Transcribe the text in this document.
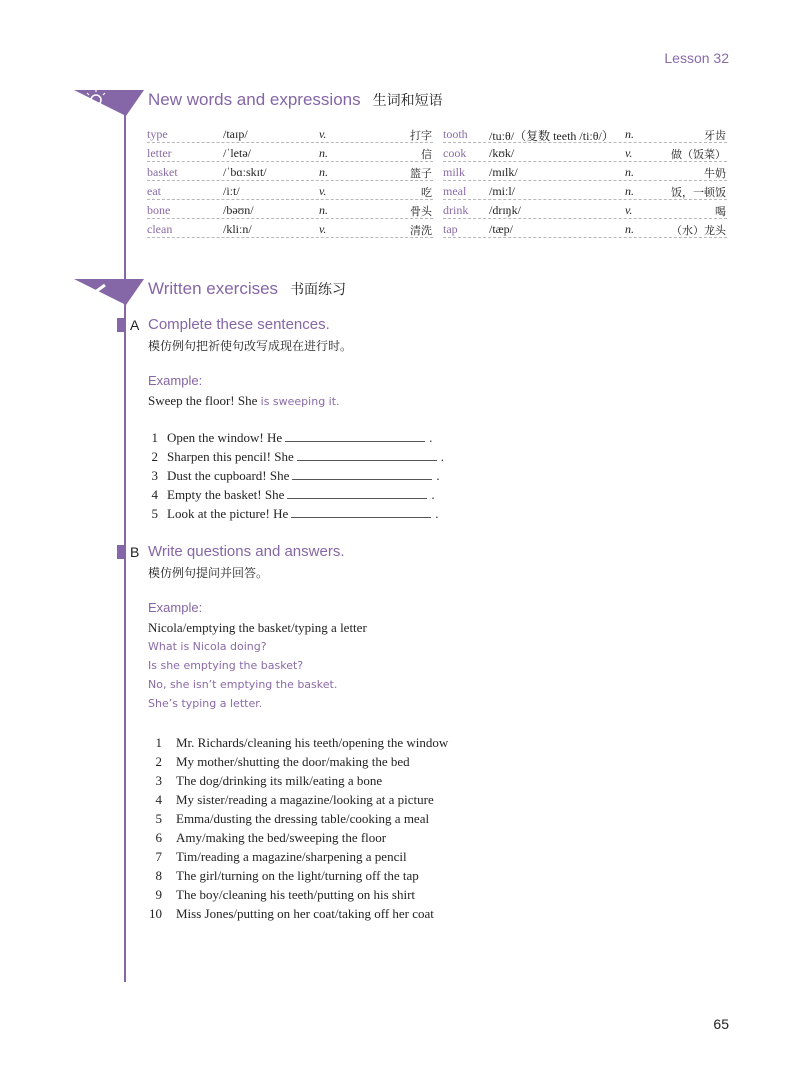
Lesson 32
New words and expressions 生词和短语
type	/taɪp/	v.	打字
letter	/ˈletə/	n.	信
basket	/ˈbɑːskɪt/	n.	篮子
eat	/iːt/	v.	吃
bone	/bəʊn/	n.	骨头
clean	/kliːn/	v.	清洗
tooth /tuːθ/（复数 teeth /tiːθ/） n.	牙齿
cook /kʊk/	v.	做（饭菜）
milk /mɪlk/	n.	牛奶
meal /miːl/	n.	饭，一顿饭
drink /drɪŋk/	v.	喝
tap	/tæp/	n.	（水）龙头
Written exercises 书面练习
A Complete these sentences.
模仿例句把祈使句改写成现在进行时。
Example:
Sweep the floor! She is sweeping it.
1 Open the window! He	.
2 Sharpen this pencil! She	.
3 Dust the cupboard! She	.
4 Empty the basket! She	.
5 Look at the picture! He	.
B Write questions and answers.
模仿例句提问并回答。
Example:
Nicola/emptying the basket/typing a letter
What is Nicola doing?
Is she emptying the basket?
No, she isn’t emptying the basket.
She’s typing a letter.
1 Mr. Richards/cleaning his teeth/opening the window
2 My mother/shutting the door/making the bed
3 The dog/drinking its milk/eating a bone
4 My sister/reading a magazine/looking at a picture
5 Emma/dusting the dressing table/cooking a meal
6 Amy/making the bed/sweeping the floor
7 Tim/reading a magazine/sharpening a pencil
8 The girl/turning on the light/turning off the tap
9 The boy/cleaning his teeth/putting on his shirt
10 Miss Jones/putting on her coat/taking off her coat
65
